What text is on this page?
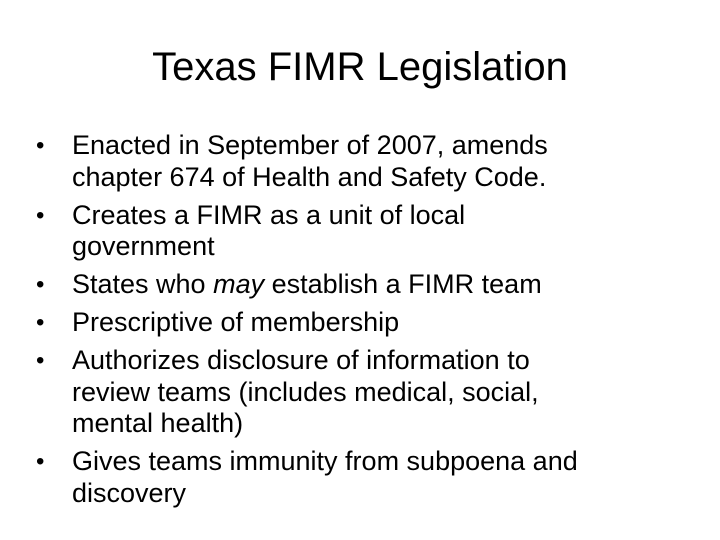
Texas FIMR Legislation
•	Enacted in September of 2007, amends
chapter 674 of Health and Safety Code.
•	Creates a FIMR as a unit of local
government
•	States who may establish a FIMR team
•	Prescriptive of membership
•	Authorizes disclosure of information to
review teams (includes medical, social,
mental health)
•	Gives teams immunity from subpoena and
discovery
